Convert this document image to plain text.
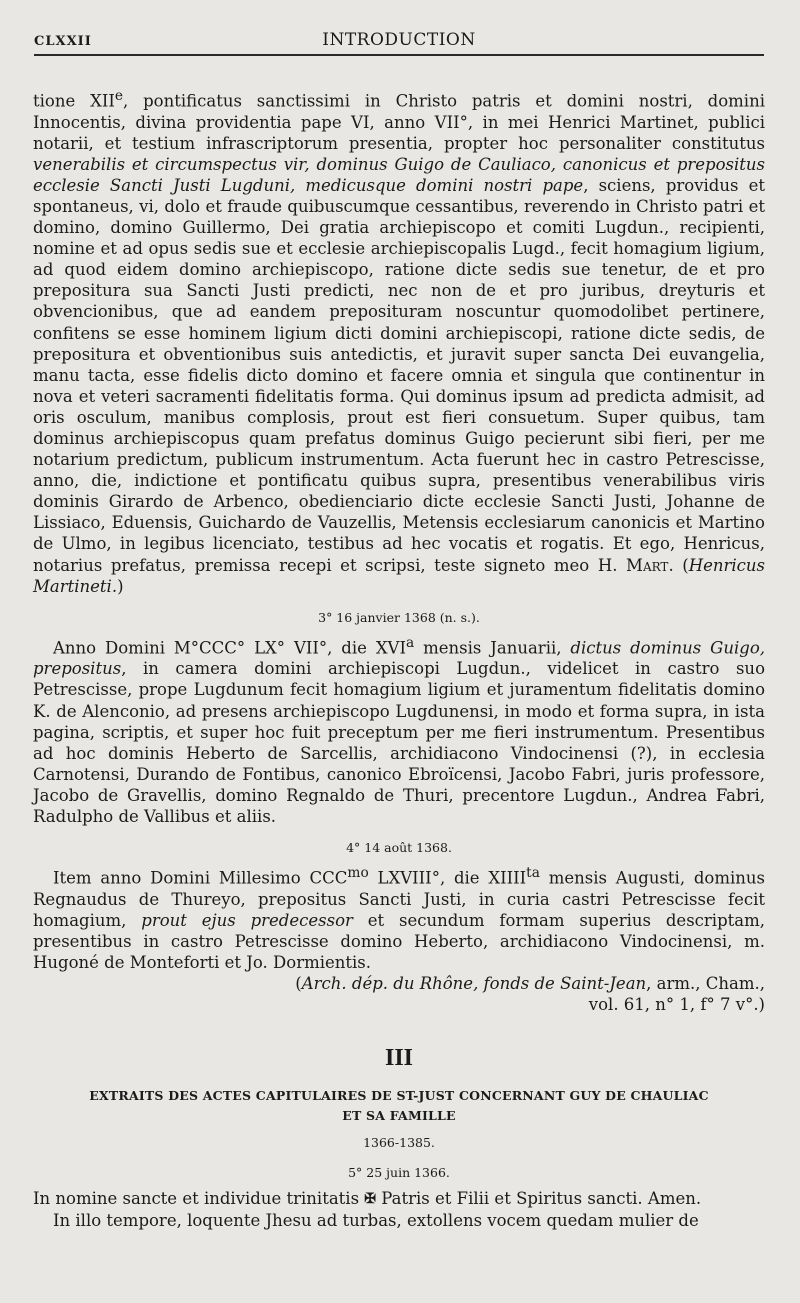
CLXXII	INTRODUCTION

tione XIIe, pontificatus sanctissimi in Christo patris et domini nostri, domini Innocentis, divina providentia pape VI, anno VII°, in mei Henrici Martinet, publici notarii, et testium infrascriptorum presentia, propter hoc personaliter constitutus venerabilis et circumspectus vir, dominus Guigo de Cauliaco, canonicus et prepositus ecclesie Sancti Justi Lugduni, medicusque domini nostri pape, sciens, providus et spontaneus, vi, dolo et fraude quibuscumque cessantibus, reverendo in Christo patri et domino, domino Guillermo, Dei gratia archiepiscopo et comiti Lugdun., recipienti, nomine et ad opus sedis sue et ecclesie archiepiscopalis Lugd., fecit homagium ligium, ad quod eidem domino archiepiscopo, ratione dicte sedis sue tenetur, de et pro prepositura sua Sancti Justi predicti, nec non de et pro juribus, dreyturis et obvencionibus, que ad eandem preposituram noscuntur quomodolibet pertinere, confitens se esse hominem ligium dicti domini archiepiscopi, ratione dicte sedis, de prepositura et obventionibus suis antedictis, et juravit super sancta Dei euvangelia, manu tacta, esse fidelis dicto domino et facere omnia et singula que continentur in nova et veteri sacramenti fidelitatis forma. Qui dominus ipsum ad predicta admisit, ad oris osculum, manibus complosis, prout est fieri consuetum. Super quibus, tam dominus archiepiscopus quam prefatus dominus Guigo pecierunt sibi fieri, per me notarium predictum, publicum instrumentum. Acta fuerunt hec in castro Petrescisse, anno, die, indictione et pontificatu quibus supra, presentibus venerabilibus viris dominis Girardo de Arbenco, obedienciario dicte ecclesie Sancti Justi, Johanne de Lissiaco, Eduensis, Guichardo de Vauzellis, Metensis ecclesiarum canonicis et Martino de Ulmo, in legibus licenciato, testibus ad hec vocatis et rogatis. Et ego, Henricus, notarius prefatus, premissa recepi et scripsi, teste signeto meo H. Mart. (Henricus Martineti.)

3° 16 janvier 1368 (n. s.).

Anno Domini M°CCC° LX° VII°, die XVI$^a$ mensis Januarii, dictus dominus Guigo, prepositus, in camera domini archiepiscopi Lugdun., videlicet in castro suo Petrescisse, prope Lugdunum fecit homagium ligium et juramentum fidelitatis domino K. de Alenconio, ad presens archiepiscopo Lugdunensi, in modo et forma supra, in ista pagina, scriptis, et super hoc fuit preceptum per me fieri instrumentum. Presentibus ad hoc dominis Heberto de Sarcellis, archidiacono Vindocinensi (?), in ecclesia Carnotensi, Durando de Fontibus, canonico Ebroïcensi, Jacobo Fabri, juris professore, Jacobo de Gravellis, domino Regnaldo de Thuri, precentore Lugdun., Andrea Fabri, Radulpho de Vallibus et aliis.

4° 14 août 1368.

Item anno Domini Millesimo $CCC^{mo}$ LXVIII°, die $XIIII^{ta}$ mensis Augusti, dominus Regnaudus de Thureyo, prepositus Sancti Justi, in curia castri Petrescisse fecit homagium, prout ejus predecessor et secundum formam superius descriptam, presentibus in castro Petrescisse domino Heberto, archidiacono Vindocinensi, m. Hugoné de Monteforti et Jo. Dormientis.

(Arch. dép. du Rhône, fonds de Saint-Jean, arm., Cham.,
vol. 61, n° 1, f° 7 v°.)

III
EXTRAITS DES ACTES CAPITULAIRES DE ST-JUST CONCERNANT GUY DE CHAULIAC
ET SA FAMILLE
1366-1385.
5° 25 juin 1366.

In nomine sancte et individue trinitatis ✠ Patris et Filii et Spiritus sancti. Amen.

In illo tempore, loquente Jhesu ad turbas, extollens vocem quedam mulier de
